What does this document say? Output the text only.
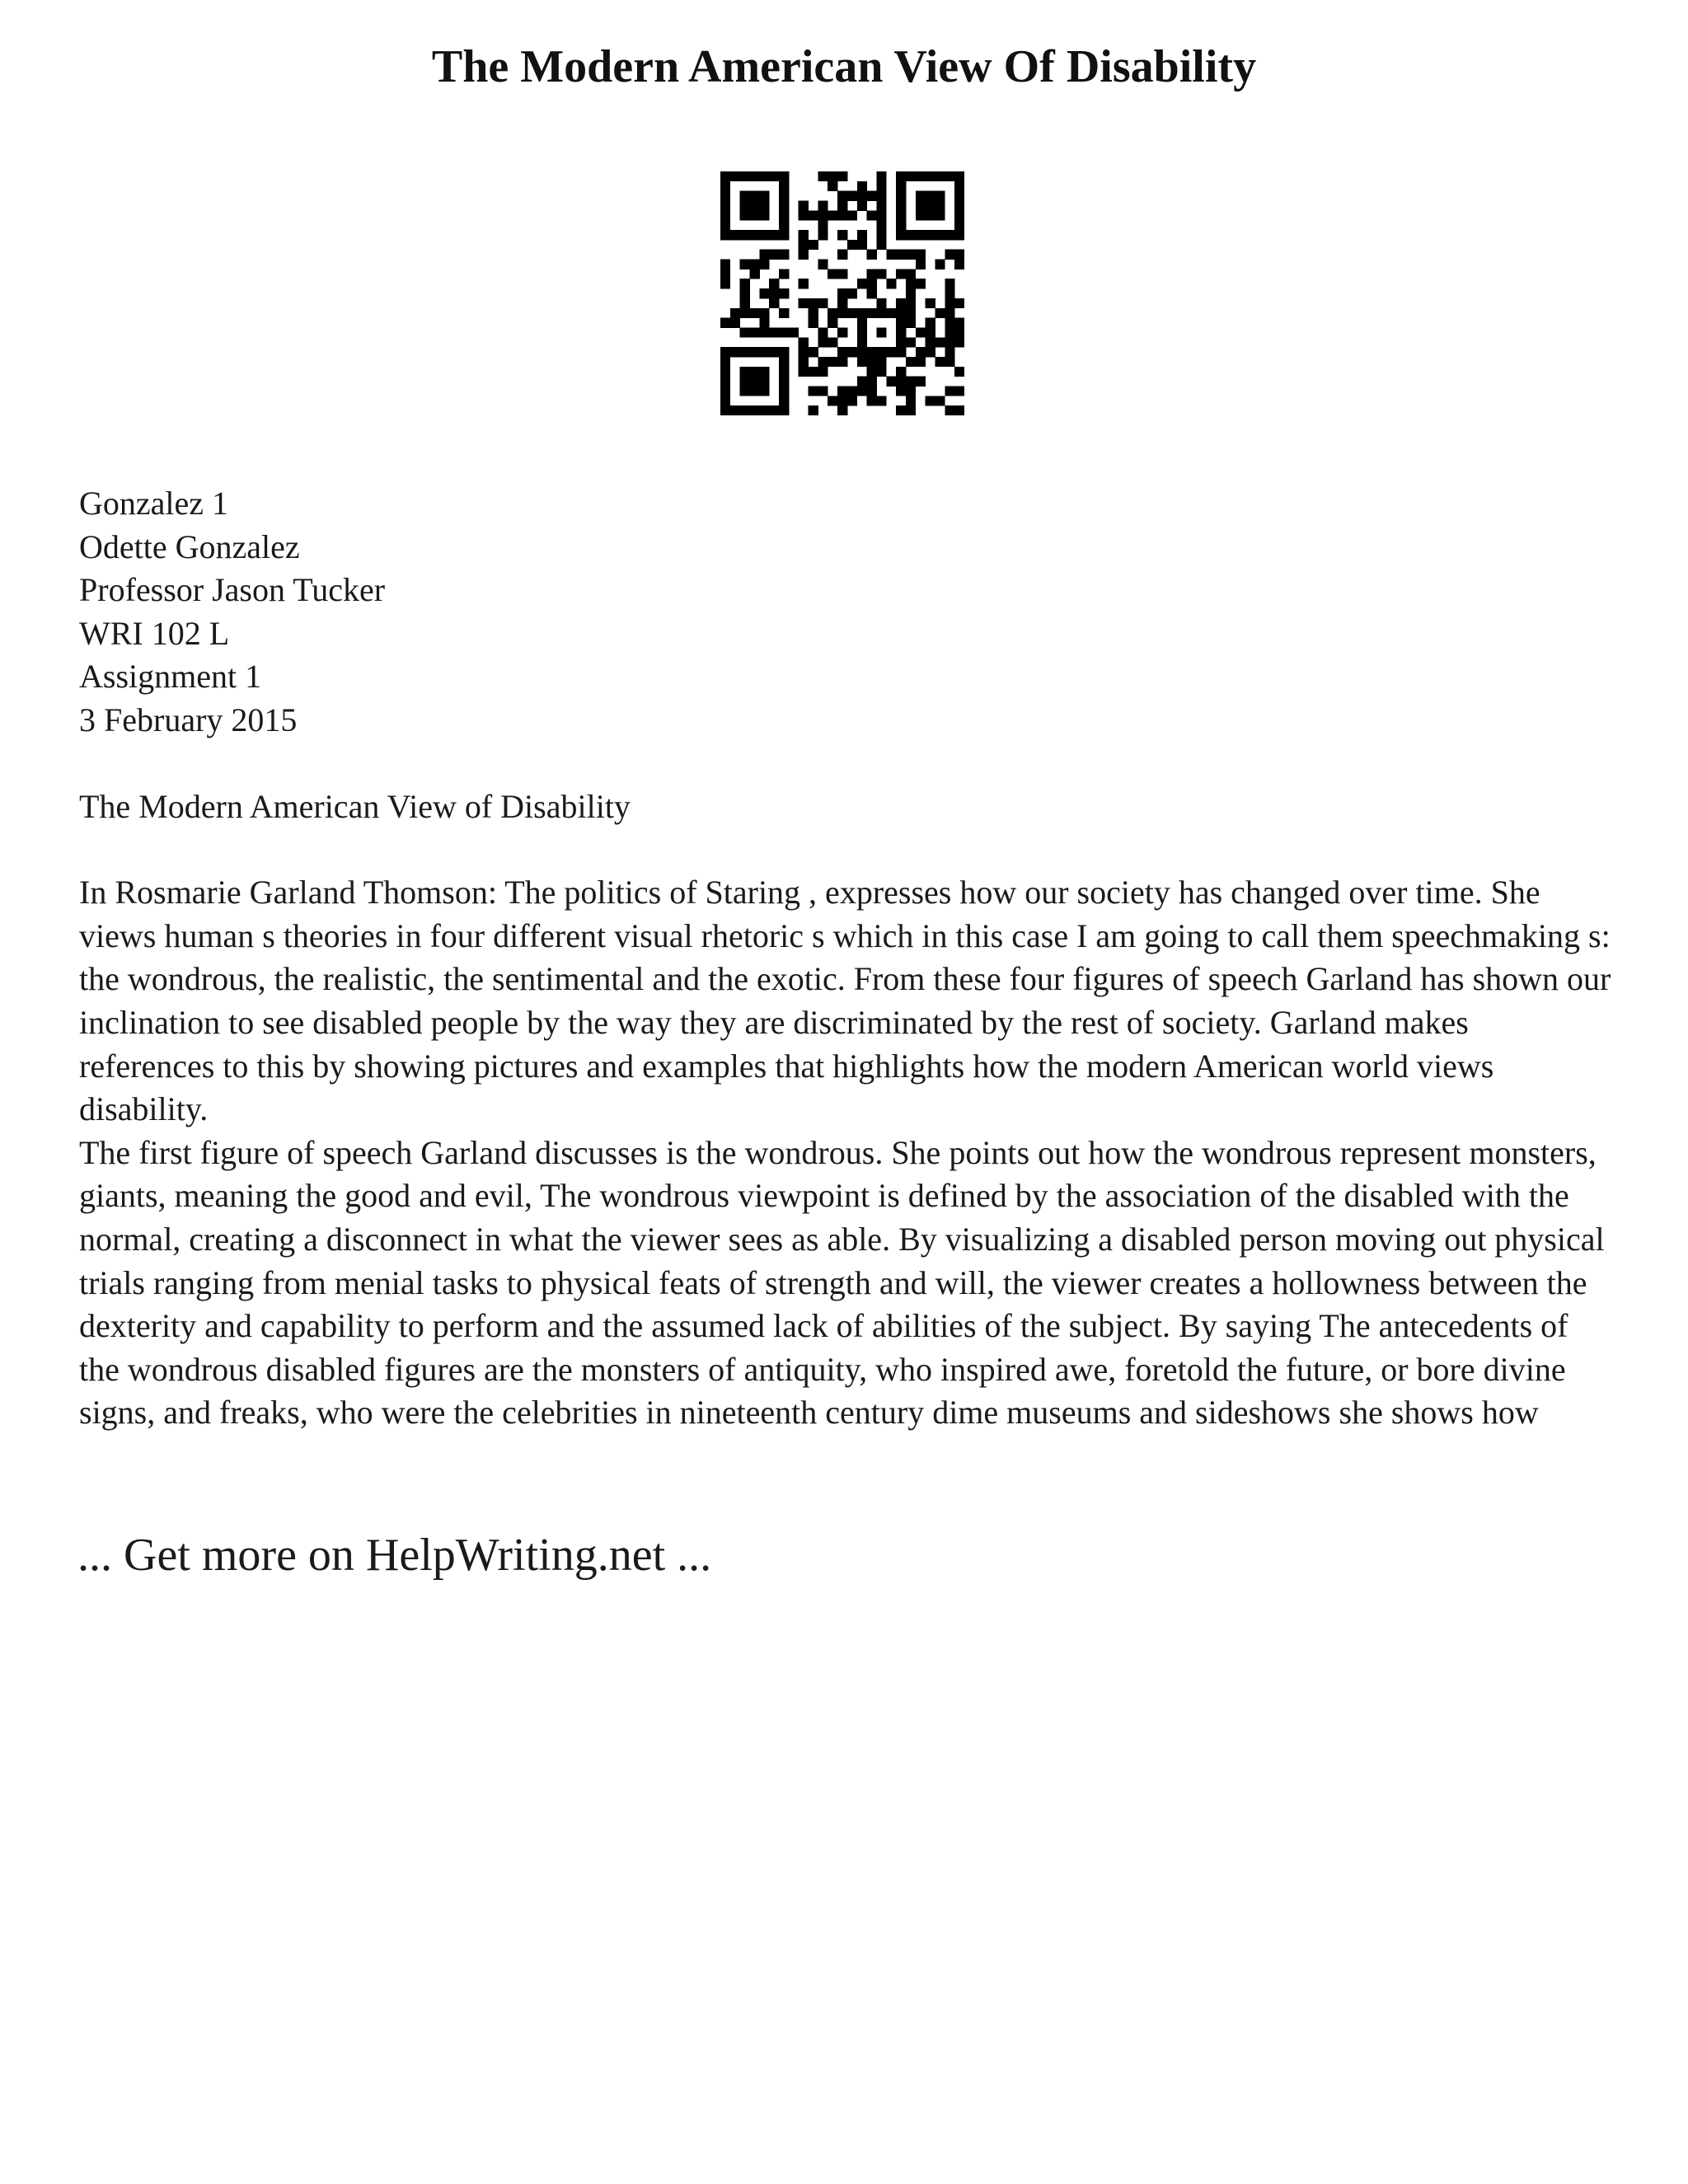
The Modern American View Of Disability
Gonzalez 1
Odette Gonzalez
Professor Jason Tucker
WRI 102 L
Assignment 1
3 February 2015
The Modern American View of Disability

In Rosmarie Garland Thomson: The politics of Staring , expresses how our society has changed over time. She views human s theories in four different visual rhetoric s which in this case I am going to call them speechmaking s: the wondrous, the realistic, the sentimental and the exotic. From these four figures of speech Garland has shown our inclination to see disabled people by the way they are discriminated by the rest of society. Garland makes references to this by showing pictures and examples that highlights how the modern American world views disability.

The first figure of speech Garland discusses is the wondrous. She points out how the wondrous represent monsters, giants, meaning the good and evil, The wondrous viewpoint is defined by the association of the disabled with the normal, creating a disconnect in what the viewer sees as able. By visualizing a disabled person moving out physical trials ranging from menial tasks to physical feats of strength and will, the viewer creates a hollowness between the dexterity and capability to perform and the assumed lack of abilities of the subject. By saying The antecedents of the wondrous disabled figures are the monsters of antiquity, who inspired awe, foretold the future, or bore divine signs, and freaks, who were the celebrities in nineteenth century dime museums and sideshows she shows how

... Get more on HelpWriting.net ...
